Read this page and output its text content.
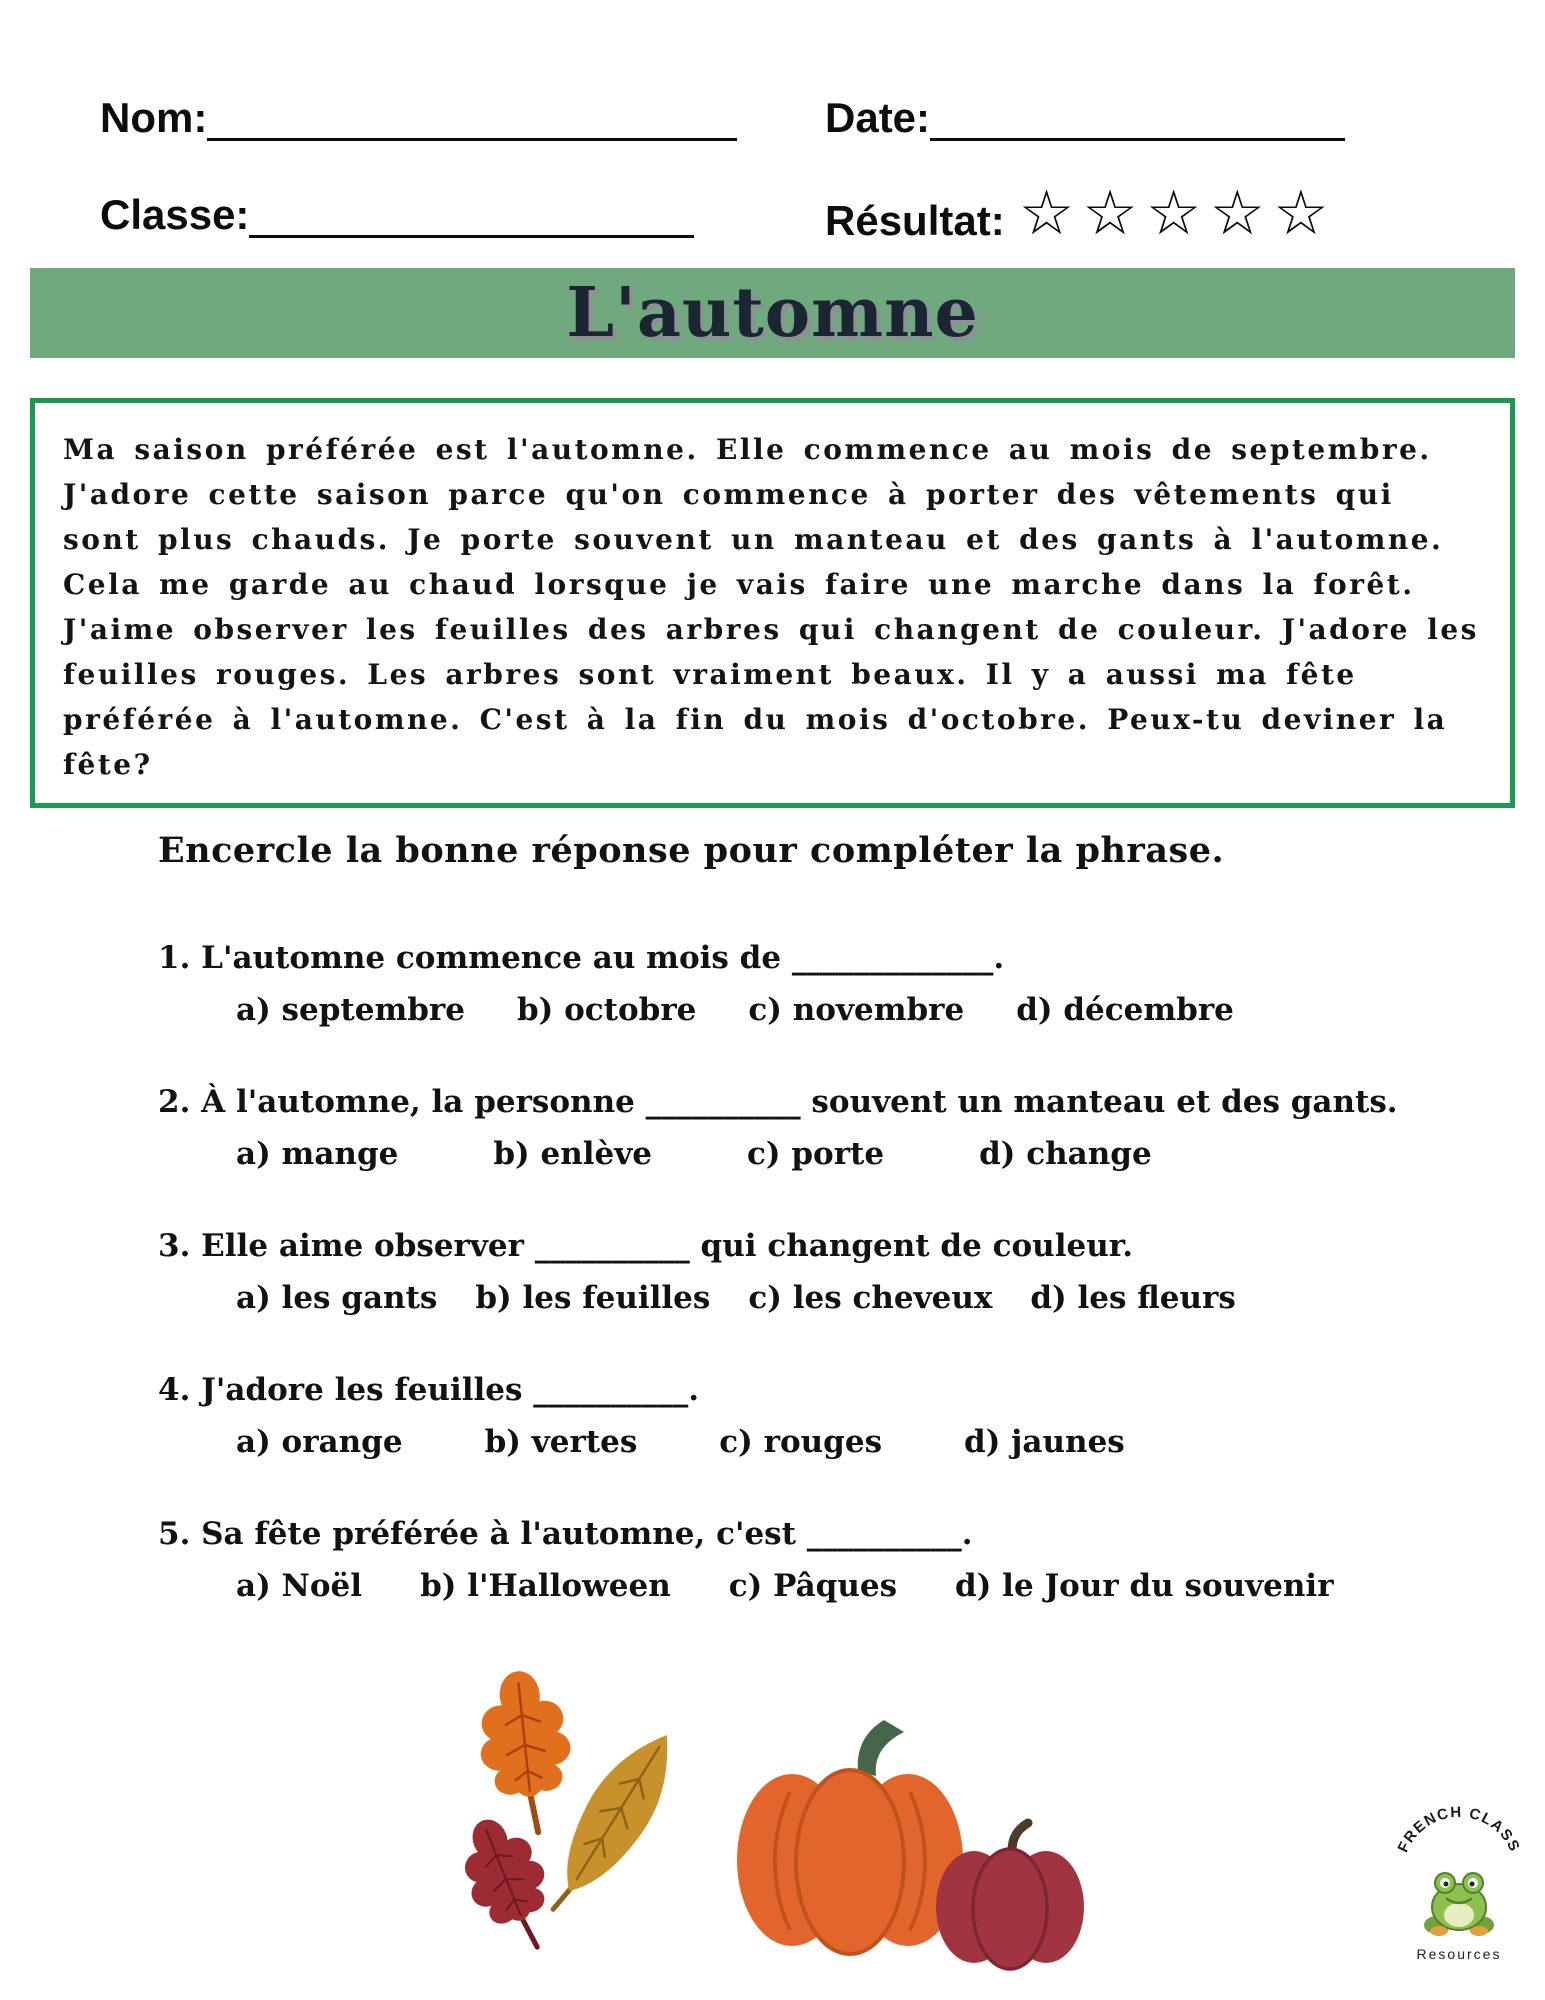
Nom:	Date:
Classe:	Résultat: ☆ ☆ ☆ ☆ ☆
L'automne

Ma saison préférée est l'automne. Elle commence au mois de septembre. J'adore cette saison parce qu'on commence à porter des vêtements qui sont plus chauds. Je porte souvent un manteau et des gants à l'automne. Cela me garde au chaud lorsque je vais faire une marche dans la forêt. J'aime observer les feuilles des arbres qui changent de couleur. J'adore les feuilles rouges. Les arbres sont vraiment beaux. Il y a aussi ma fête préférée à l'automne. C'est à la fin du mois d'octobre. Peux-tu deviner la fête?

Encercle la bonne réponse pour compléter la phrase.
1. L'automne commence au mois de _____________.
a) septembre b) octobre c) novembre d) décembre
2. À l'automne, la personne __________ souvent un manteau et des gants.
a) mange	b) enlève	c) porte	d) change
3. Elle aime observer __________ qui changent de couleur.
a) les gants b) les feuilles c) les cheveux d) les fleurs
4. J'adore les feuilles __________.
a) orange	b) vertes	c) rouges	d) jaunes
5. Sa fête préférée à l'automne, c'est __________.
a) Noël b) l'Halloween c) Pâques d) le Jour du souvenir
FRENCH CLASS
Resources
